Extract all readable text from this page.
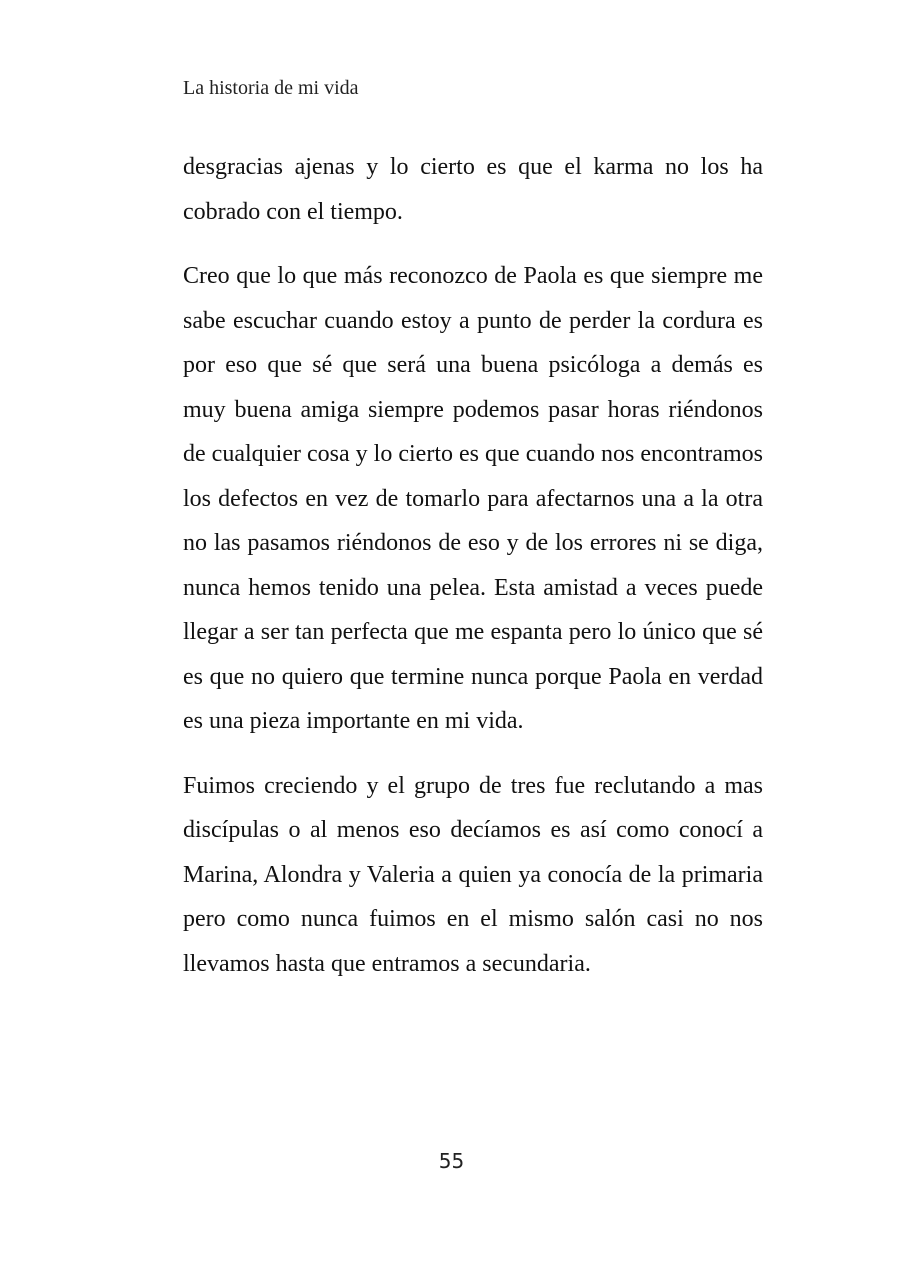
La historia de mi vida

desgracias ajenas y lo cierto es que el karma no los ha cobrado con el tiempo.

Creo que lo que más reconozco de Paola es que siempre me sabe escuchar cuando estoy a punto de perder la cordura es por eso que sé que será una buena psicóloga a demás es muy buena amiga siempre podemos pasar horas riéndonos de cualquier cosa y lo cierto es que cuando nos encontramos los defectos en vez de tomarlo para afectarnos una a la otra no las pasamos riéndonos de eso y de los errores ni se diga, nunca hemos tenido una pelea. Esta amistad a veces puede llegar a ser tan perfecta que me espanta pero lo único que sé es que no quiero que termine nunca porque Paola en verdad es una pieza importante en mi vida.

Fuimos creciendo y el grupo de tres fue reclutando a mas discípulas o al menos eso decíamos es así como conocí a Marina, Alondra y Valeria a quien ya conocía de la primaria pero como nunca fuimos en el mismo salón casi no nos llevamos hasta que entramos a secundaria.

55
